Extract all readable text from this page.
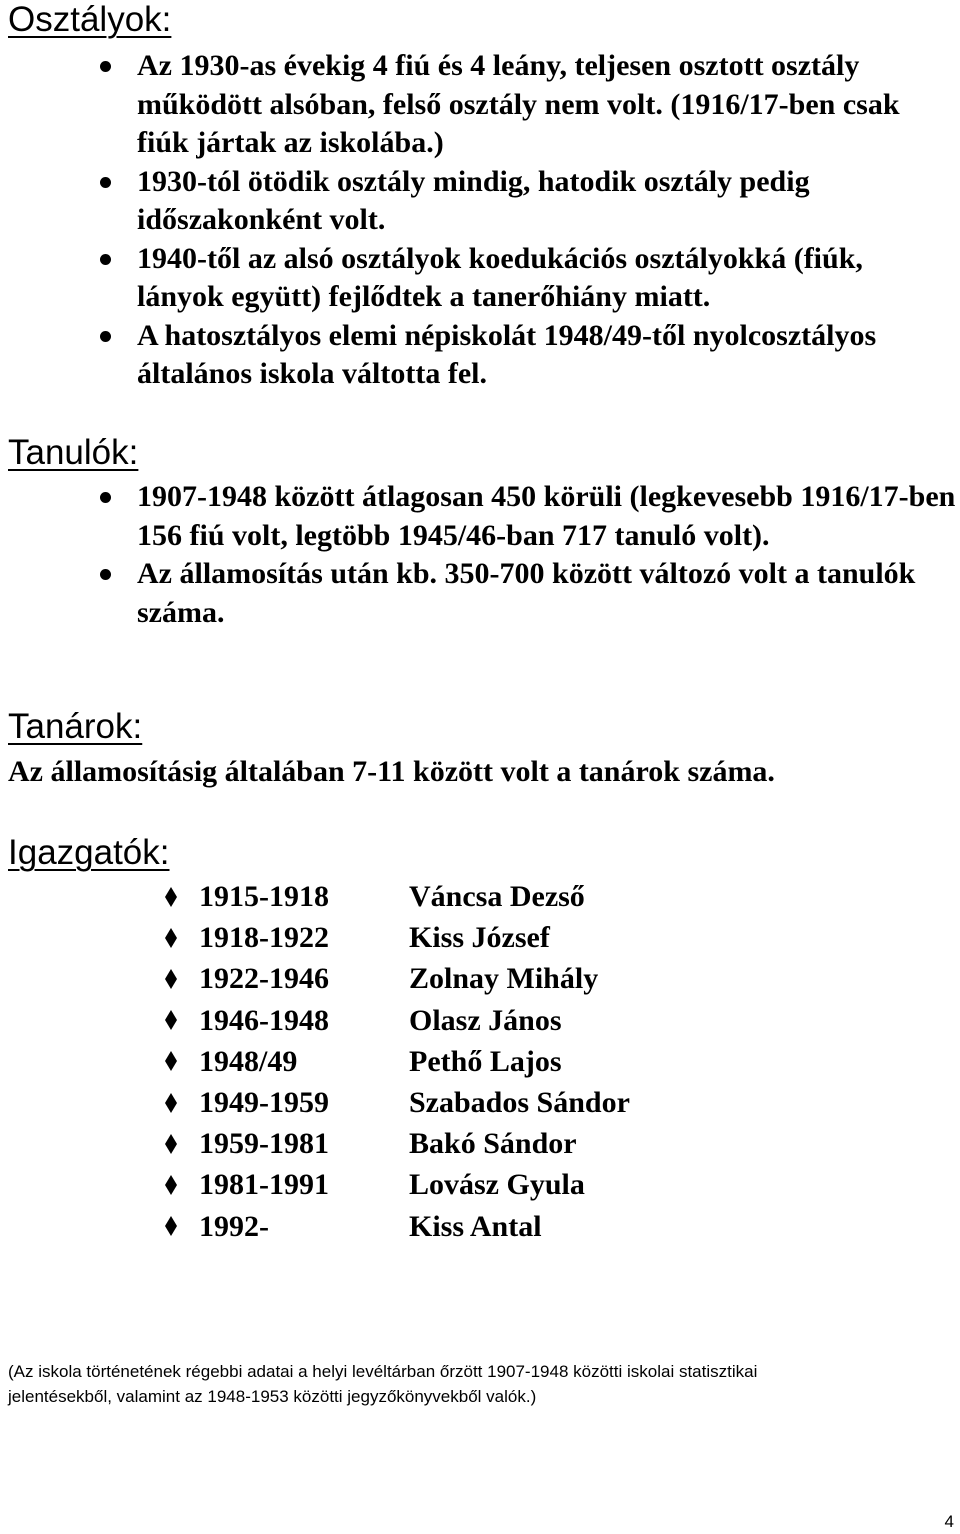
Osztályok:
Az 1930-as évekig 4 fiú és 4 leány, teljesen osztott osztály működött alsóban, felső osztály nem volt. (1916/17-ben csak fiúk jártak az iskolába.)
1930-tól ötödik osztály mindig, hatodik osztály pedig időszakonként volt.
1940-től az alsó osztályok koedukációs osztályokká (fiúk, lányok együtt) fejlődtek a tanerőhiány miatt.
A hatosztályos elemi népiskolát 1948/49-től nyolcosztályos általános iskola váltotta fel.
Tanulók:
1907-1948 között átlagosan 450 körüli (legkevesebb 1916/17-ben 156 fiú volt, legtöbb 1945/46-ban 717 tanuló volt).
Az államosítás után kb. 350-700 között változó volt a tanulók száma.
Tanárok:

Az államosításig általában 7-11 között volt a tanárok száma.

Igazgatók:
1915-1918	Váncsa Dezső
1918-1922	Kiss József
1922-1946	Zolnay Mihály
1946-1948	Olasz János
1948/49	Pethő Lajos
1949-1959	Szabados Sándor
1959-1981	Bakó Sándor
1981-1991	Lovász Gyula
1992-	Kiss Antal
(Az iskola történetének régebbi adatai a helyi levéltárban őrzött 1907-1948 közötti iskolai statisztikai
jelentésekből, valamint az 1948-1953 közötti jegyzőkönyvekből valók.)
4
